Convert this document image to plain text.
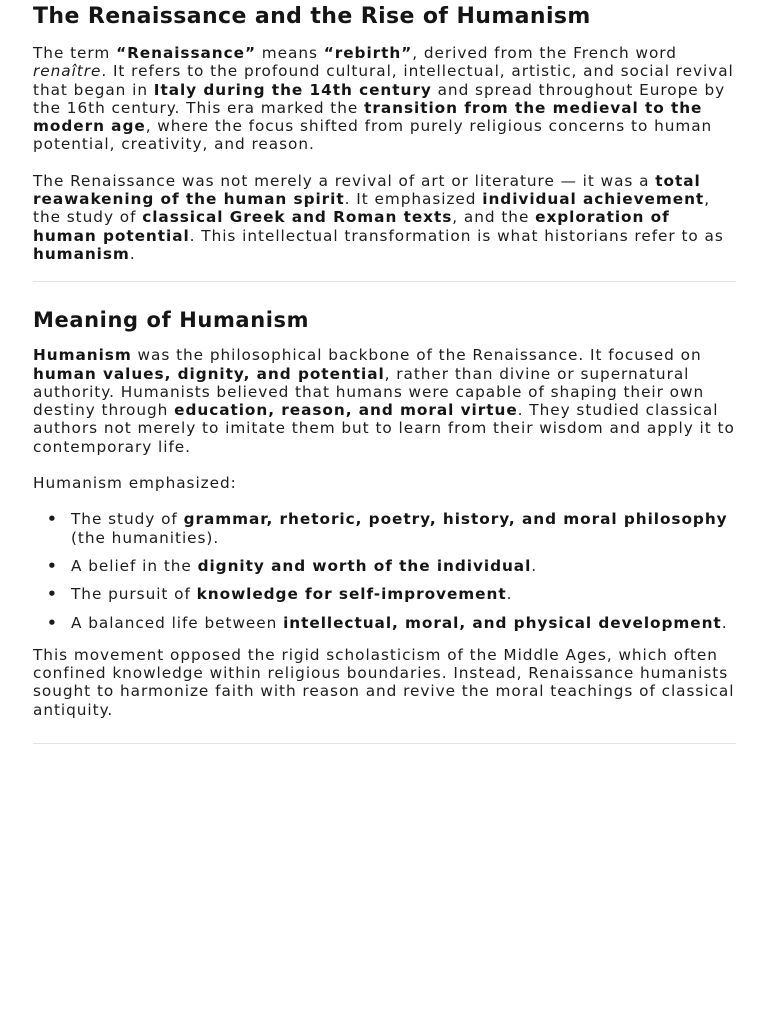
The Renaissance and the Rise of Humanism

The term “Renaissance” means “rebirth”, derived from the French word renaître. It refers to the profound cultural, intellectual, artistic, and social revival that began in Italy during the 14th century and spread throughout Europe by the 16th century. This era marked the transition from the medieval to the modern age, where the focus shifted from purely religious concerns to human potential, creativity, and reason.

The Renaissance was not merely a revival of art or literature — it was a total reawakening of the human spirit. It emphasized individual achievement, the study of classical Greek and Roman texts, and the exploration of human potential. This intellectual transformation is what historians refer to as humanism.

Meaning of Humanism

Humanism was the philosophical backbone of the Renaissance. It focused on human values, dignity, and potential, rather than divine or supernatural authority. Humanists believed that humans were capable of shaping their own destiny through education, reason, and moral virtue. They studied classical authors not merely to imitate them but to learn from their wisdom and apply it to contemporary life.

Humanism emphasized:

• The study of grammar, rhetoric, poetry, history, and moral philosophy (the humanities).
• A belief in the dignity and worth of the individual.
• The pursuit of knowledge for self-improvement.
• A balanced life between intellectual, moral, and physical development.

This movement opposed the rigid scholasticism of the Middle Ages, which often confined knowledge within religious boundaries. Instead, Renaissance humanists sought to harmonize faith with reason and revive the moral teachings of classical antiquity.
